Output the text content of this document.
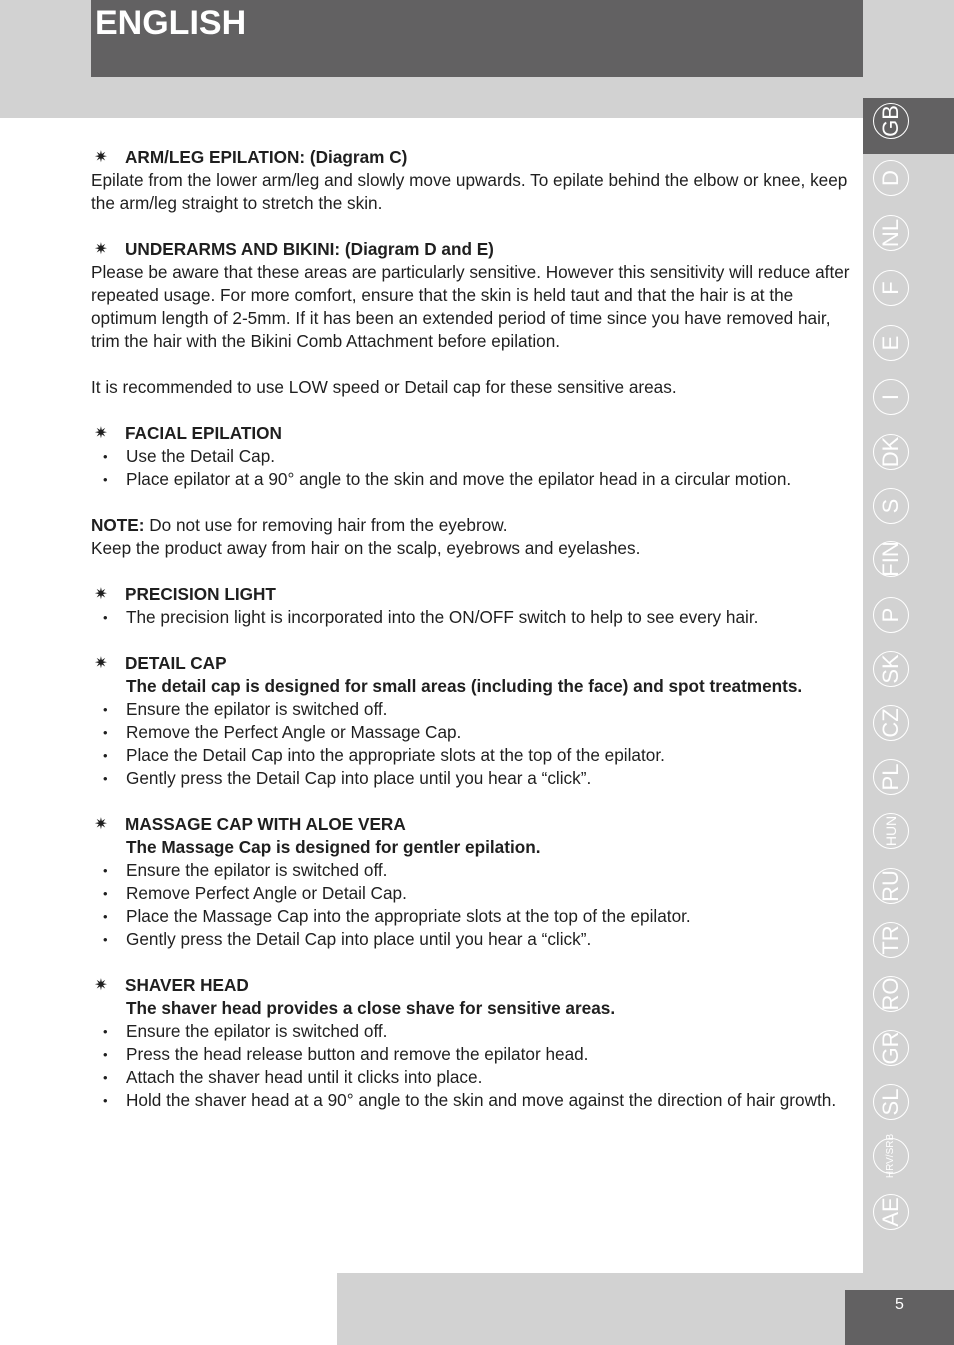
ENGLISH
GB
D
NL
F
E
I
DK
S
FIN
P
SK
CZ
PL
HUN
RU
TR
RO
GR
SL
HRV/SRB
AE
5
✷ ARM/LEG EPILATION: (Diagram C)

Epilate from the lower arm/leg and slowly move upwards. To epilate behind the elbow or knee, keep the arm/leg straight to stretch the skin.

✷ UNDERARMS AND BIKINI: (Diagram D and E)

Please be aware that these areas are particularly sensitive. However this sensitivity will reduce after repeated usage. For more comfort, ensure that the skin is held taut and that the hair is at the optimum length of 2-5mm. If it has been an extended period of time since you have removed hair, trim the hair with the Bikini Comb Attachment before epilation.

It is recommended to use LOW speed or Detail cap for these sensitive areas.

✷ FACIAL EPILATION
• Use the Detail Cap.
• Place epilator at a 90° angle to the skin and move the epilator head in a circular motion.

NOTE: Do not use for removing hair from the eyebrow.

Keep the product away from hair on the scalp, eyebrows and eyelashes.

✷ PRECISION LIGHT
• The precision light is incorporated into the ON/OFF switch to help to see every hair.
✷ DETAIL CAP
The detail cap is designed for small areas (including the face) and spot treatments.
• Ensure the epilator is switched off.
• Remove the Perfect Angle or Massage Cap.
• Place the Detail Cap into the appropriate slots at the top of the epilator.
• Gently press the Detail Cap into place until you hear a “click”.
✷ MASSAGE CAP WITH ALOE VERA
The Massage Cap is designed for gentler epilation.
• Ensure the epilator is switched off.
• Remove Perfect Angle or Detail Cap.
• Place the Massage Cap into the appropriate slots at the top of the epilator.
• Gently press the Detail Cap into place until you hear a “click”.
✷ SHAVER HEAD
The shaver head provides a close shave for sensitive areas.
• Ensure the epilator is switched off.
• Press the head release button and remove the epilator head.
• Attach the shaver head until it clicks into place.
• Hold the shaver head at a 90° angle to the skin and move against the direction of hair growth.
